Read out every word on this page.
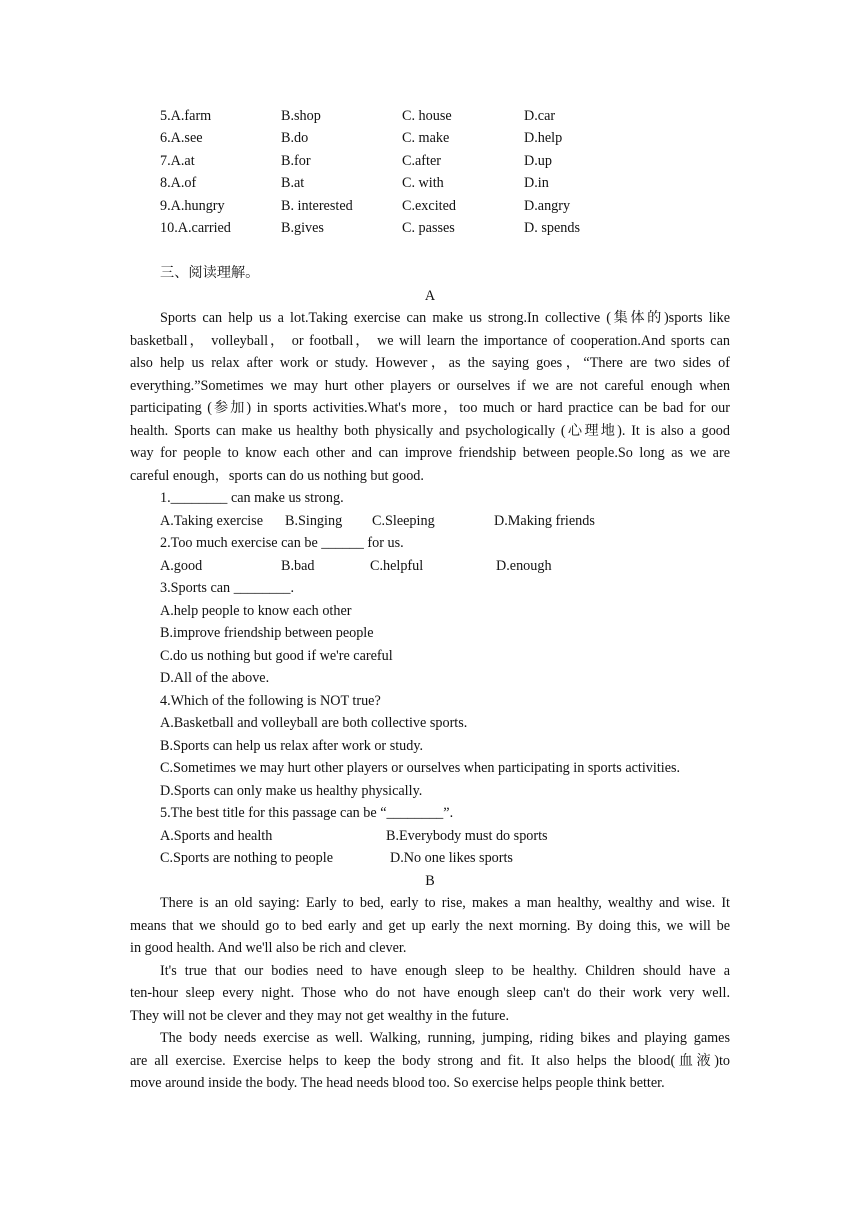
5.A.farm	B.shop	C. house	D.car
6.A.see	B.do	C. make	D.help
7.A.at	B.for	C.after	D.up
8.A.of	B.at	C. with	D.in
9.A.hungry	B. interested	C.excited	D.angry
10.A.carried	B.gives	C. passes	D. spends
三、阅读理解。
A
Sports can help us a lot.Taking exercise can make us strong.In collective (集体的)sports like
basketball， volleyball， or football， we will learn the importance of cooperation.And sports can
also help us relax after work or study. However，as the saying goes，“There are two sides of
everything.”Sometimes we may hurt other players or ourselves if we are not careful enough when
participating (参加) in sports activities.What's more，too much or hard practice can be bad for our
health. Sports can make us healthy both physically and psychologically (心理地). It is also a good
way for people to know each other and can improve friendship between people.So long as we are
careful enough，sports can do us nothing but good.
1.________ can make us strong.
A.Taking exercise B.Singing C.Sleeping	D.Making friends
2.Too much exercise can be ______ for us.
A.good	B.bad	C.helpful	D.enough
3.Sports can ________.
A.help people to know each other
B.improve friendship between people
C.do us nothing but good if we're careful
D.All of the above.
4.Which of the following is NOT true?
A.Basketball and volleyball are both collective sports.
B.Sports can help us relax after work or study.
C.Sometimes we may hurt other players or ourselves when participating in sports activities.
D.Sports can only make us healthy physically.
5.The best title for this passage can be “________”.
A.Sports and health	B.Everybody must do sports
C.Sports are nothing to people	D.No one likes sports
B
There is an old saying: Early to bed, early to rise, makes a man healthy, wealthy and wise. It
means that we should go to bed early and get up early the next morning. By doing this, we will be
in good health. And we'll also be rich and clever.
It's true that our bodies need to have enough sleep to be healthy. Children should have a
ten-hour sleep every night. Those who do not have enough sleep can't do their work very well.
They will not be clever and they may not get wealthy in the future.
The body needs exercise as well. Walking, running, jumping, riding bikes and playing games
are all exercise. Exercise helps to keep the body strong and fit. It also helps the blood(血液)to
move around inside the body. The head needs blood too. So exercise helps people think better.
